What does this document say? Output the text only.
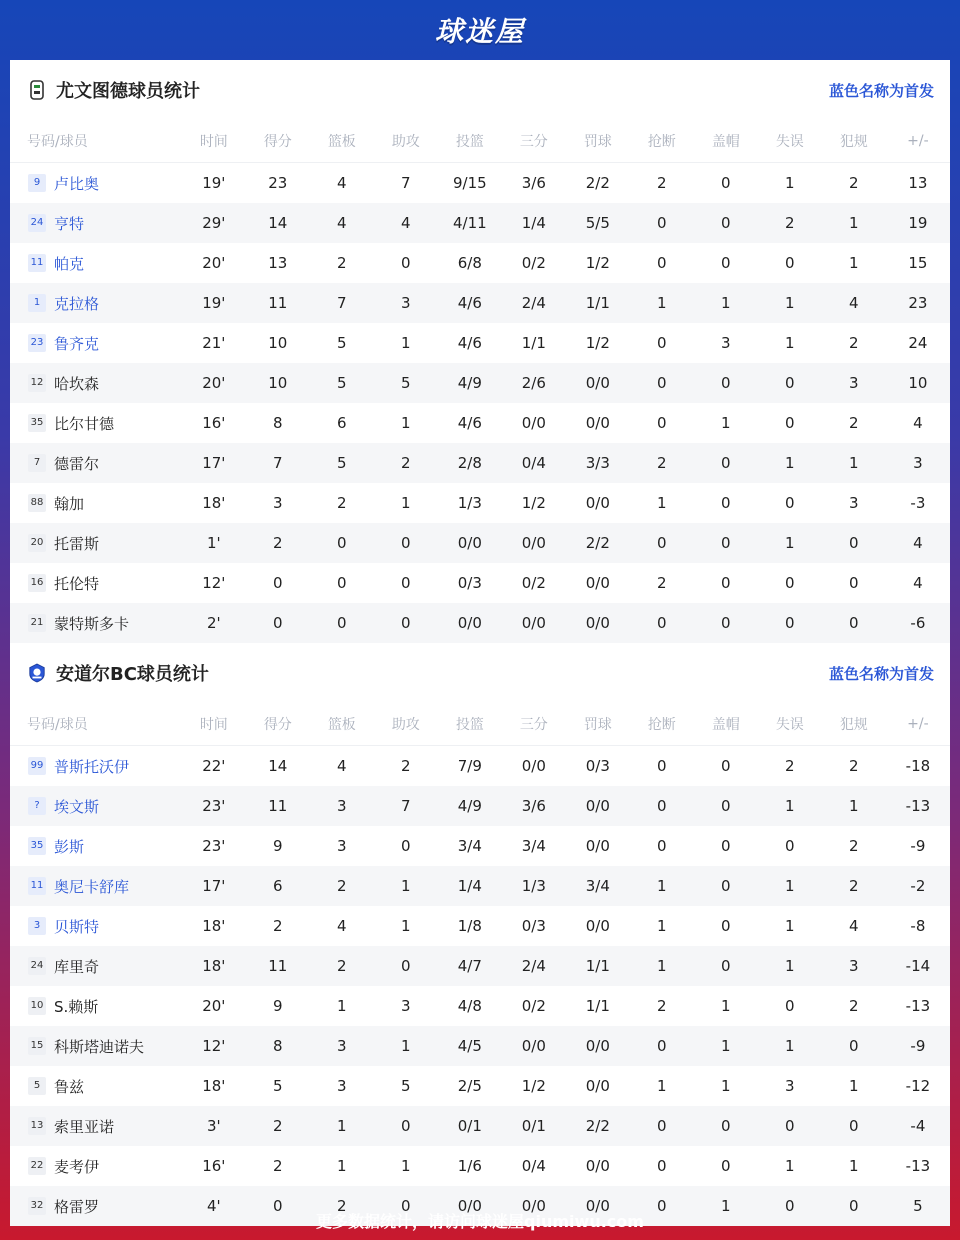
球迷屋
尤文图德球员统计	蓝色名称为首发
号码/球员	时间	得分	篮板	助攻	投篮	三分	罚球	抢断	盖帽	失误	犯规	+/-
9 卢比奥	19'	23	4	7	9/15	3/6	2/2	2	0	1	2	13
24 亨特	29'	14	4	4	4/11	1/4	5/5	0	0	2	1	19
11 帕克	20'	13	2	0	6/8	0/2	1/2	0	0	0	1	15
1 克拉格	19'	11	7	3	4/6	2/4	1/1	1	1	1	4	23
23 鲁齐克	21'	10	5	1	4/6	1/1	1/2	0	3	1	2	24
12 哈坎森	20'	10	5	5	4/9	2/6	0/0	0	0	0	3	10
35 比尔甘德	16'	8	6	1	4/6	0/0	0/0	0	1	0	2	4
7 德雷尔	17'	7	5	2	2/8	0/4	3/3	2	0	1	1	3
88 翰加	18'	3	2	1	1/3	1/2	0/0	1	0	0	3	-3
20 托雷斯	1'	2	0	0	0/0	0/0	2/2	0	0	1	0	4
16 托伦特	12'	0	0	0	0/3	0/2	0/0	2	0	0	0	4
21 蒙特斯多卡	2'	0	0	0	0/0	0/0	0/0	0	0	0	0	-6
安道尔BC球员统计	蓝色名称为首发
号码/球员	时间	得分	篮板	助攻	投篮	三分	罚球	抢断	盖帽	失误	犯规	+/-
99 普斯托沃伊	22'	14	4	2	7/9	0/0	0/3	0	0	2	2	-18
? 埃文斯	23'	11	3	7	4/9	3/6	0/0	0	0	1	1	-13
35 彭斯	23'	9	3	0	3/4	3/4	0/0	0	0	0	2	-9
11 奥尼卡舒库	17'	6	2	1	1/4	1/3	3/4	1	0	1	2	-2
3 贝斯特	18'	2	4	1	1/8	0/3	0/0	1	0	1	4	-8
24 库里奇	18'	11	2	0	4/7	2/4	1/1	1	0	1	3	-14
10 S.赖斯	20'	9	1	3	4/8	0/2	1/1	2	1	0	2	-13
15 科斯塔迪诺夫	12'	8	3	1	4/5	0/0	0/0	0	1	1	0	-9
5 鲁兹	18'	5	3	5	2/5	1/2	0/0	1	1	3	1	-12
13 索里亚诺	3'	2	1	0	0/1	0/1	2/2	0	0	0	0	-4
22 麦考伊	16'	2	1	1	1/6	0/4	0/0	0	0	1	1	-13
32 格雷罗	4'	0	2	0	0/0	0/0	0/0	0	1	0	0	5
更多数据统计，请访问球迷屋qiumiwu.com
